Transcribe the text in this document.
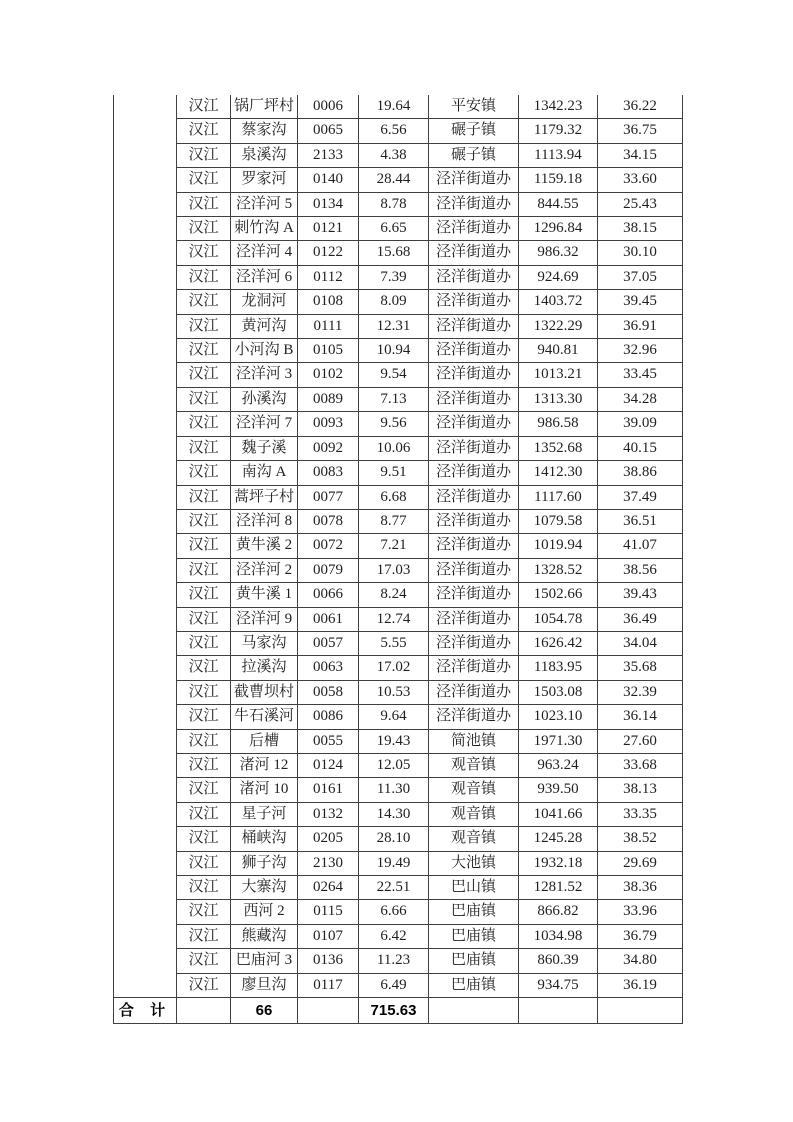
	汉江	锅厂坪村	0006	19.64	平安镇	1342.23	36.22
	汉江	蔡家沟	0065	6.56	碾子镇	1179.32	36.75
	汉江	泉溪沟	2133	4.38	碾子镇	1113.94	34.15
	汉江	罗家河	0140	28.44	泾洋街道办	1159.18	33.60
	汉江	泾洋河 5	0134	8.78	泾洋街道办	844.55	25.43
	汉江	刺竹沟 A	0121	6.65	泾洋街道办	1296.84	38.15
	汉江	泾洋河 4	0122	15.68	泾洋街道办	986.32	30.10
	汉江	泾洋河 6	0112	7.39	泾洋街道办	924.69	37.05
	汉江	龙洞河	0108	8.09	泾洋街道办	1403.72	39.45
	汉江	黄河沟	0111	12.31	泾洋街道办	1322.29	36.91
	汉江	小河沟 B	0105	10.94	泾洋街道办	940.81	32.96
	汉江	泾洋河 3	0102	9.54	泾洋街道办	1013.21	33.45
	汉江	孙溪沟	0089	7.13	泾洋街道办	1313.30	34.28
	汉江	泾洋河 7	0093	9.56	泾洋街道办	986.58	39.09
	汉江	魏子溪	0092	10.06	泾洋街道办	1352.68	40.15
	汉江	南沟 A	0083	9.51	泾洋街道办	1412.30	38.86
	汉江	蒿坪子村	0077	6.68	泾洋街道办	1117.60	37.49
	汉江	泾洋河 8	0078	8.77	泾洋街道办	1079.58	36.51
	汉江	黄牛溪 2	0072	7.21	泾洋街道办	1019.94	41.07
	汉江	泾洋河 2	0079	17.03	泾洋街道办	1328.52	38.56
	汉江	黄牛溪 1	0066	8.24	泾洋街道办	1502.66	39.43
	汉江	泾洋河 9	0061	12.74	泾洋街道办	1054.78	36.49
	汉江	马家沟	0057	5.55	泾洋街道办	1626.42	34.04
	汉江	拉溪沟	0063	17.02	泾洋街道办	1183.95	35.68
	汉江	截曹坝村	0058	10.53	泾洋街道办	1503.08	32.39
	汉江	牛石溪河	0086	9.64	泾洋街道办	1023.10	36.14
	汉江	后槽	0055	19.43	简池镇	1971.30	27.60
	汉江	渚河 12	0124	12.05	观音镇	963.24	33.68
	汉江	渚河 10	0161	11.30	观音镇	939.50	38.13
	汉江	星子河	0132	14.30	观音镇	1041.66	33.35
	汉江	桶峡沟	0205	28.10	观音镇	1245.28	38.52
	汉江	狮子沟	2130	19.49	大池镇	1932.18	29.69
	汉江	大寨沟	0264	22.51	巴山镇	1281.52	38.36
	汉江	西河 2	0115	6.66	巴庙镇	866.82	33.96
	汉江	熊藏沟	0107	6.42	巴庙镇	1034.98	36.79
	汉江	巴庙河 3	0136	11.23	巴庙镇	860.39	34.80
	汉江	廖旦沟	0117	6.49	巴庙镇	934.75	36.19
合 计		66		715.63			
